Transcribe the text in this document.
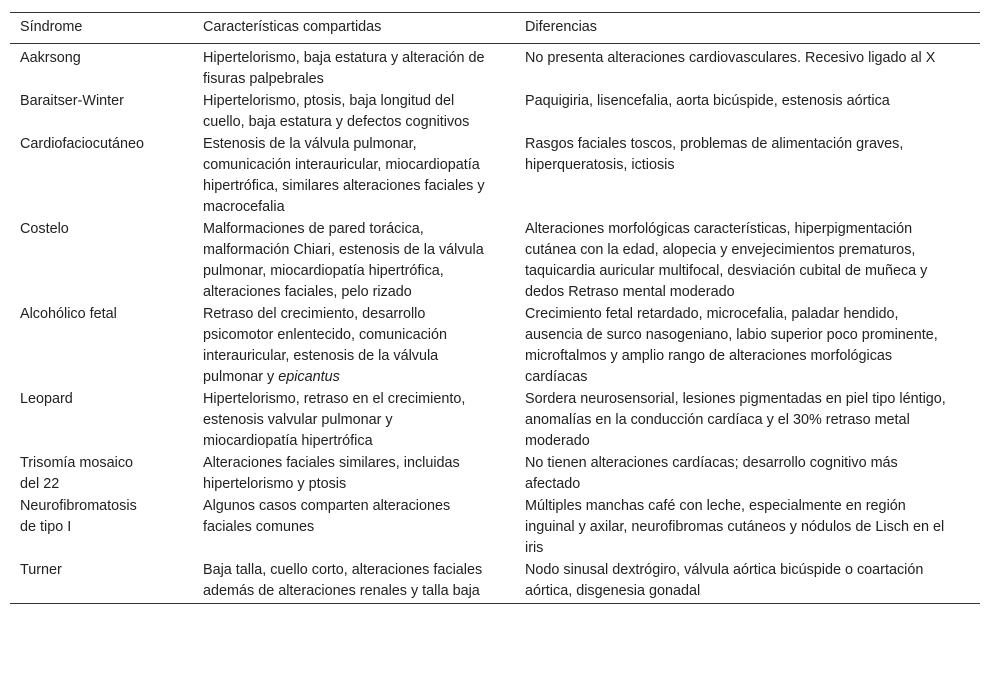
Síndrome	Características compartidas	Diferencias

Aakrsong	Hipertelorismo, baja estatura y alteración de fisuras palpebrales	No presenta alteraciones cardiovasculares. Recesivo ligado al X

Baraitser-Winter	Hipertelorismo, ptosis, baja longitud del cuello, baja estatura y defectos cognitivos	Paquigiria, lisencefalia, aorta bicúspide, estenosis aórtica

Cardiofaciocutáneo	Estenosis de la válvula pulmonar, comunicación interauricular, miocardiopatía hipertrófica, similares alteraciones faciales y macrocefalia	Rasgos faciales toscos, problemas de alimentación graves, hiperqueratosis, ictiosis

Costelo	Malformaciones de pared torácica, malformación Chiari, estenosis de la válvula pulmonar, miocardiopatía hipertrófica, alteraciones faciales, pelo rizado	Alteraciones morfológicas características, hiperpigmentación cutánea con la edad, alopecia y envejecimientos prematuros, taquicardia auricular multifocal, desviación cubital de muñeca y dedos Retraso mental moderado

Alcohólico fetal	Retraso del crecimiento, desarrollo psicomotor enlentecido, comunicación interauricular, estenosis de la válvula pulmonar y epicantus	Crecimiento fetal retardado, microcefalia, paladar hendido, ausencia de surco nasogeniano, labio superior poco prominente, microftalmos y amplio rango de alteraciones morfológicas cardíacas

Leopard	Hipertelorismo, retraso en el crecimiento, estenosis valvular pulmonar y miocardiopatía hipertrófica	Sordera neurosensorial, lesiones pigmentadas en piel tipo léntigo, anomalías en la conducción cardíaca y el 30% retraso metal moderado

Trisomía mosaico del 22	Alteraciones faciales similares, incluidas hipertelorismo y ptosis	No tienen alteraciones cardíacas; desarrollo cognitivo más afectado

Neurofibromatosis de tipo I	Algunos casos comparten alteraciones faciales comunes	Múltiples manchas café con leche, especialmente en región inguinal y axilar, neurofibromas cutáneos y nódulos de Lisch en el iris

Turner	Baja talla, cuello corto, alteraciones faciales además de alteraciones renales y talla baja	Nodo sinusal dextrógiro, válvula aórtica bicúspide o coartación aórtica, disgenesia gonadal
